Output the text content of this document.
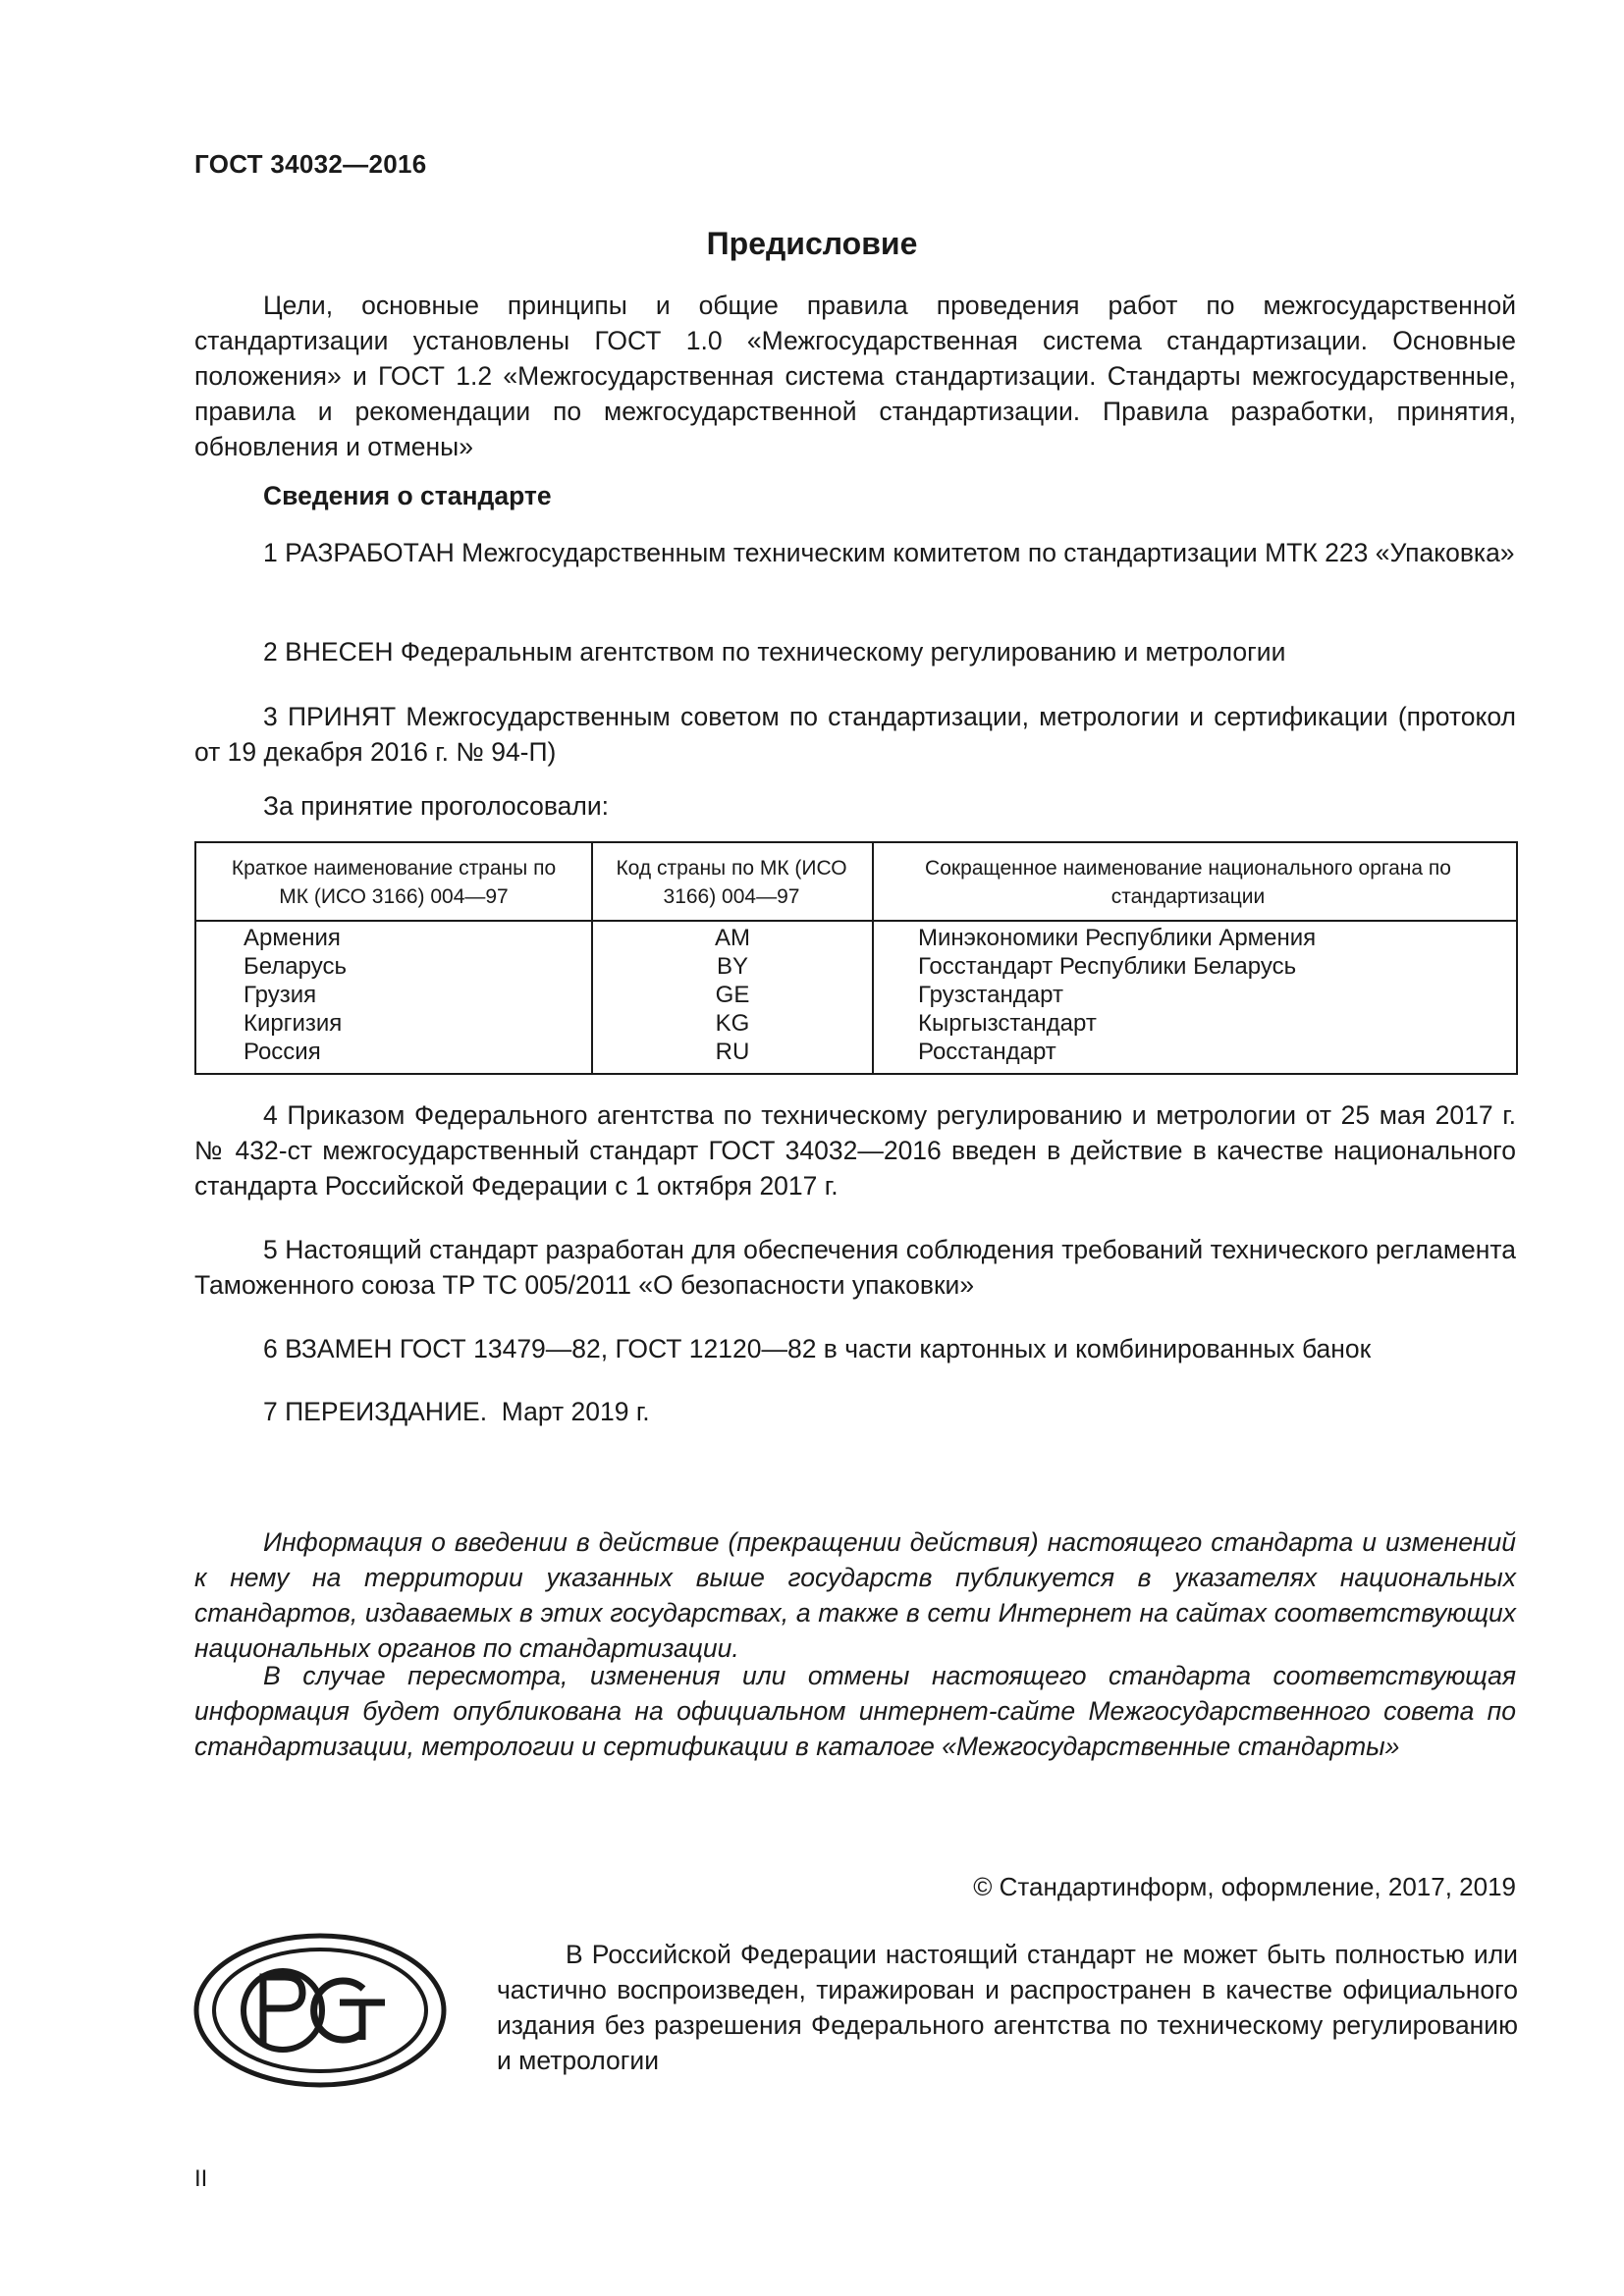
ГОСТ 34032—2016
Предисловие
Цели, основные принципы и общие правила проведения работ по межгосударственной стандартизации установлены ГОСТ 1.0 «Межгосударственная система стандартизации. Основные положения» и ГОСТ 1.2 «Межгосударственная система стандартизации. Стандарты межгосударственные, правила и рекомендации по межгосударственной стандартизации. Правила разработки, принятия, обновления и отмены»
Сведения о стандарте
1 РАЗРАБОТАН Межгосударственным техническим комитетом по стандартизации МТК 223 «Упаковка»
2 ВНЕСЕН Федеральным агентством по техническому регулированию и метрологии
3 ПРИНЯТ Межгосударственным советом по стандартизации, метрологии и сертификации (протокол от 19 декабря 2016 г. № 94-П)
За принятие проголосовали:
Краткое наименование страны по МК (ИСО 3166) 004—97
Код страны по МК (ИСО 3166) 004—97
Сокращенное наименование национального органа по стандартизации
Армения
Беларусь
Грузия
Киргизия
Россия
AM
BY
GE
KG
RU
Минэкономики Республики Армения
Госстандарт Республики Беларусь
Грузстандарт
Кыргызстандарт
Росстандарт
4 Приказом Федерального агентства по техническому регулированию и метрологии от 25 мая 2017 г. № 432-ст межгосударственный стандарт ГОСТ 34032—2016 введен в действие в качестве национального стандарта Российской Федерации с 1 октября 2017 г.
5 Настоящий стандарт разработан для обеспечения соблюдения требований технического регламента Таможенного союза ТР ТС 005/2011 «О безопасности упаковки»
6 ВЗАМЕН ГОСТ 13479—82, ГОСТ 12120—82 в части картонных и комбинированных банок
7 ПЕРЕИЗДАНИЕ.  Март 2019 г.
Информация о введении в действие (прекращении действия) настоящего стандарта и изменений к нему на территории указанных выше государств публикуется в указателях национальных стандартов, издаваемых в этих государствах, а также в сети Интернет на сайтах соответствующих национальных органов по стандартизации.
В случае пересмотра, изменения или отмены настоящего стандарта соответствующая информация будет опубликована на официальном интернет-сайте Межгосударственного совета по стандартизации, метрологии и сертификации в каталоге «Межгосударственные стандарты»
© Стандартинформ, оформление, 2017, 2019
В Российской Федерации настоящий стандарт не может быть полностью или частично воспроизведен, тиражирован и распространен в качестве официального издания без разрешения Федерального агентства по техническому регулированию и метрологии
II
